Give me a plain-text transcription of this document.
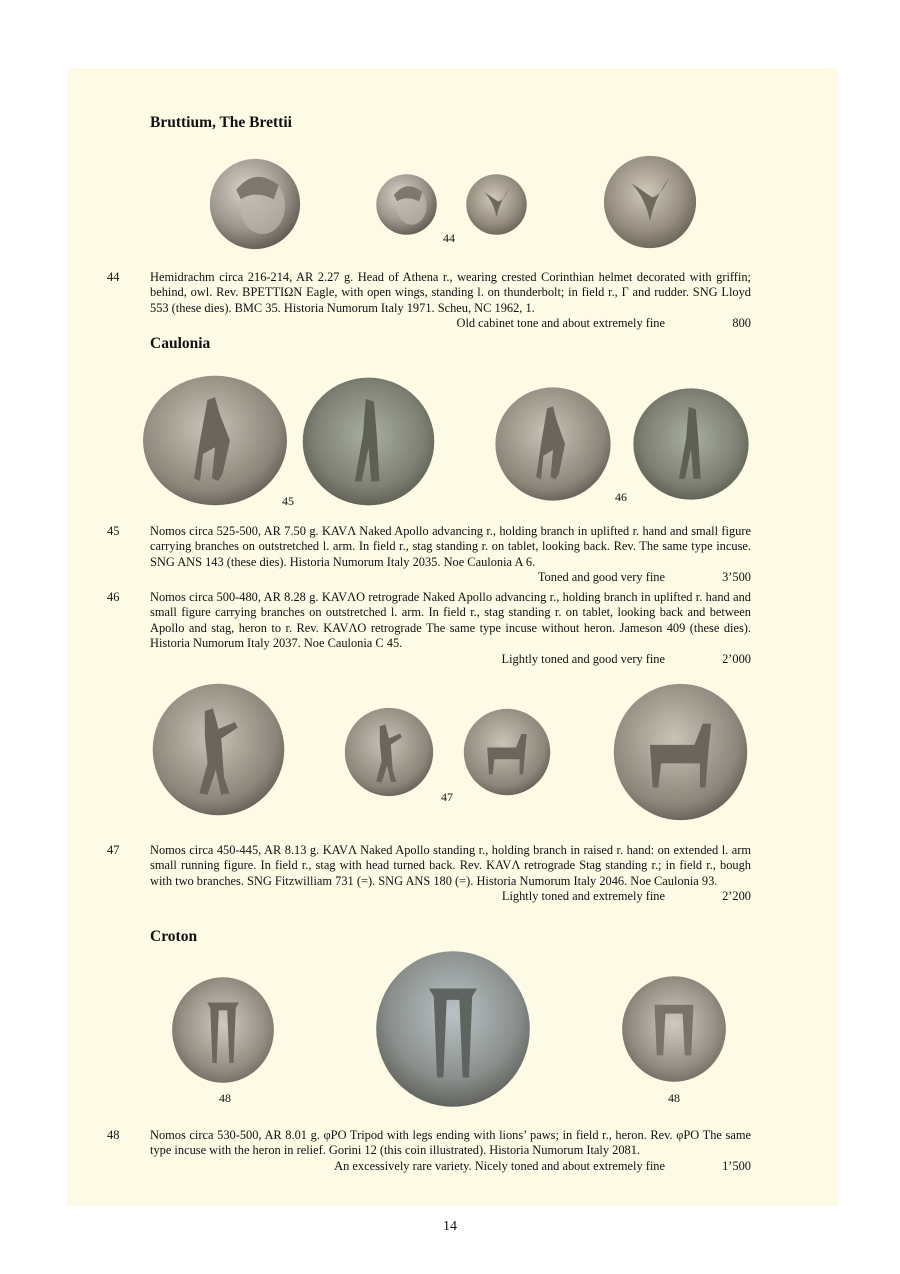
Bruttium, The Brettii
44
44 Hemidrachm circa 216-214, AR 2.27 g. Head of Athena r., wearing crested Corinthian helmet decorated with griffin; behind, owl. Rev. ΒΡΕΤΤΙΩΝ Eagle, with open wings, standing l. on thunderbolt; in field r., Γ and rudder. SNG Lloyd 553 (these dies). BMC 35. Historia Numorum Italy 1971. Scheu, NC 1962, 1.
Old cabinet tone and about extremely fine	800
Caulonia
45	46
45 Nomos circa 525-500, AR 7.50 g. KAVΛ Naked Apollo advancing r., holding branch in uplifted r. hand and small figure carrying branches on outstretched l. arm. In field r., stag standing r. on tablet, looking back. Rev. The same type incuse. SNG ANS 143 (these dies). Historia Numorum Italy 2035. Noe Caulonia A 6.
Toned and good very fine	3’500
46 Nomos circa 500-480, AR 8.28 g. KAVΛO retrograde Naked Apollo advancing r., holding branch in uplifted r. hand and small figure carrying branches on outstretched l. arm. In field r., stag standing r. on tablet, looking back and between Apollo and stag, heron to r. Rev. KAVΛO retrograde The same type incuse without heron. Jameson 409 (these dies). Historia Numorum Italy 2037. Noe Caulonia C 45.
Lightly toned and good very fine	2’000
47
47 Nomos circa 450-445, AR 8.13 g. KAVΛ Naked Apollo standing r., holding branch in raised r. hand: on extended l. arm small running figure. In field r., stag with head turned back. Rev. KAVΛ retrograde Stag standing r.; in field r., bough with two branches. SNG Fitzwilliam 731 (=). SNG ANS 180 (=). Historia Numorum Italy 2046. Noe Caulonia 93.
Lightly toned and extremely fine	2’200
Croton
48	48
48 Nomos circa 530-500, AR 8.01 g. φPO Tripod with legs ending with lions’ paws; in field r., heron. Rev. φPO The same type incuse with the heron in relief. Gorini 12 (this coin illustrated). Historia Numorum Italy 2081.
An excessively rare variety. Nicely toned and about extremely fine	1’500
14
